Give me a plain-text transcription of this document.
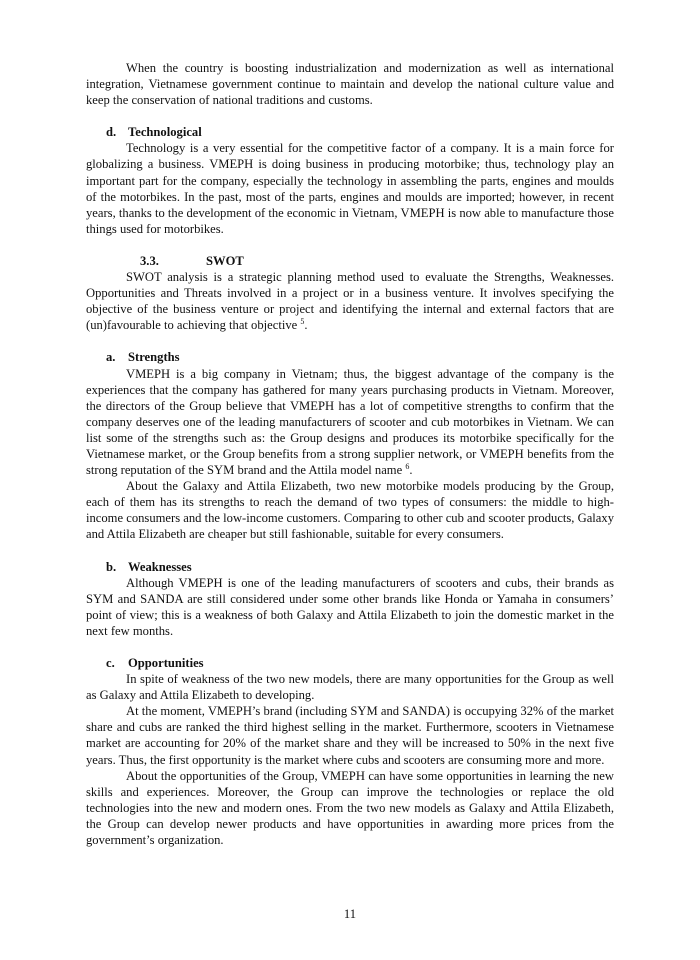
When the country is boosting industrialization and modernization as well as international integration, Vietnamese government continue to maintain and develop the national culture value and keep the conservation of national traditions and customs.

d. Technological

Technology is a very essential for the competitive factor of a company. It is a main force for globalizing a business. VMEPH is doing business in producing motorbike; thus, technology play an important part for the company, especially the technology in assembling the parts, engines and moulds of the motorbikes. In the past, most of the parts, engines and moulds are imported; however, in recent years, thanks to the development of the economic in Vietnam, VMEPH is now able to manufacture those things used for motorbikes.

3.3.	SWOT

SWOT analysis is a strategic planning method used to evaluate the Strengths, Weaknesses. Opportunities and Threats involved in a project or in a business venture. It involves specifying the objective of the business venture or project and identifying the internal and external factors that are (un)favourable to achieving that objective $^5$.

a. Strengths

VMEPH is a big company in Vietnam; thus, the biggest advantage of the company is the experiences that the company has gathered for many years purchasing products in Vietnam. Moreover, the directors of the Group believe that VMEPH has a lot of competitive strengths to confirm that the company deserves one of the leading manufacturers of scooter and cub motorbikes in Vietnam. We can list some of the strengths such as: the Group designs and produces its motorbike specifically for the Vietnamese market, or the Group benefits from a strong supplier network, or VMEPH benefits from the strong reputation of the SYM brand and the Attila model name $^6$.

About the Galaxy and Attila Elizabeth, two new motorbike models producing by the Group, each of them has its strengths to reach the demand of two types of consumers: the middle to high-income consumers and the low-income customers. Comparing to other cub and scooter products, Galaxy and Attila Elizabeth are cheaper but still fashionable, suitable for every consumers.

b. Weaknesses

Although VMEPH is one of the leading manufacturers of scooters and cubs, their brands as SYM and SANDA are still considered under some other brands like Honda or Yamaha in consumers’ point of view; this is a weakness of both Galaxy and Attila Elizabeth to join the domestic market in the next few months.

c. Opportunities

In spite of weakness of the two new models, there are many opportunities for the Group as well as Galaxy and Attila Elizabeth to developing.

At the moment, VMEPH’s brand (including SYM and SANDA) is occupying 32% of the market share and cubs are ranked the third highest selling in the market. Furthermore, scooters in Vietnamese market are accounting for 20% of the market share and they will be increased to 50% in the next five years. Thus, the first opportunity is the market where cubs and scooters are consuming more and more.

About the opportunities of the Group, VMEPH can have some opportunities in learning the new skills and experiences. Moreover, the Group can improve the technologies or replace the old technologies into the new and modern ones. From the two new models as Galaxy and Attila Elizabeth, the Group can develop newer products and have opportunities in awarding more prices from the government’s organization.

11
